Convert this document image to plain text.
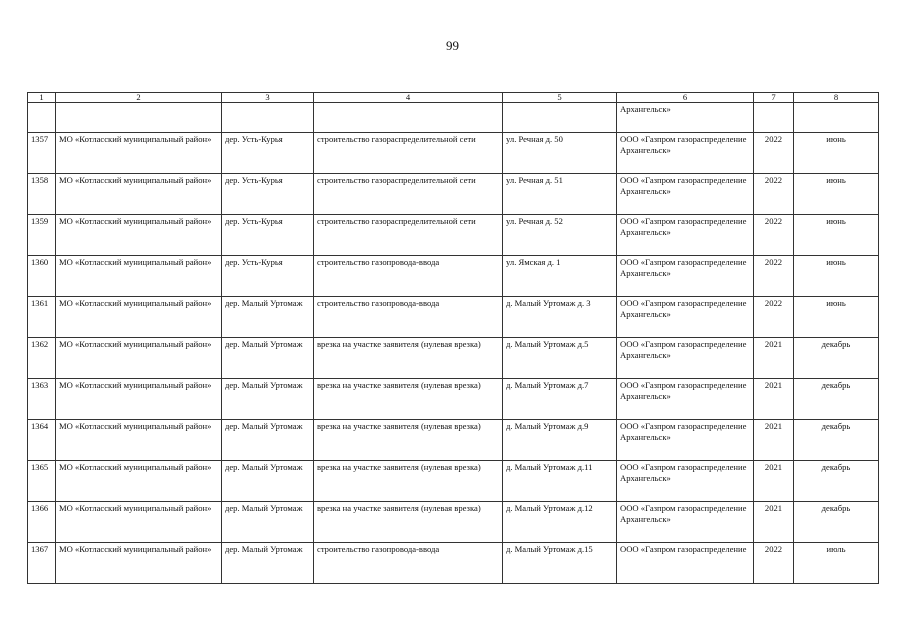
99
1	2	3	4	5	6	7	8
					Архангельск»		
1357	МО «Котласский муниципальный район»	дер. Усть-Курья	строительство газораспределительной сети	ул. Речная д. 50	ООО «Газпром газораспределение Архангельск»	2022	июнь
1358	МО «Котласский муниципальный район»	дер. Усть-Курья	строительство газораспределительной сети	ул. Речная д. 51	ООО «Газпром газораспределение Архангельск»	2022	июнь
1359	МО «Котласский муниципальный район»	дер. Усть-Курья	строительство газораспределительной сети	ул. Речная д. 52	ООО «Газпром газораспределение Архангельск»	2022	июнь
1360	МО «Котласский муниципальный район»	дер. Усть-Курья	строительство газопровода-ввода	ул. Ямская д. 1	ООО «Газпром газораспределение Архангельск»	2022	июнь
1361	МО «Котласский муниципальный район»	дер. Малый Уртомаж	строительство газопровода-ввода	д. Малый Уртомаж д. 3	ООО «Газпром газораспределение Архангельск»	2022	июнь
1362	МО «Котласский муниципальный район»	дер. Малый Уртомаж	врезка на участке заявителя (нулевая врезка)	д. Малый Уртомаж д.5	ООО «Газпром газораспределение Архангельск»	2021	декабрь
1363	МО «Котласский муниципальный район»	дер. Малый Уртомаж	врезка на участке заявителя (нулевая врезка)	д. Малый Уртомаж д.7	ООО «Газпром газораспределение Архангельск»	2021	декабрь
1364	МО «Котласский муниципальный район»	дер. Малый Уртомаж	врезка на участке заявителя (нулевая врезка)	д. Малый Уртомаж д.9	ООО «Газпром газораспределение Архангельск»	2021	декабрь
1365	МО «Котласский муниципальный район»	дер. Малый Уртомаж	врезка на участке заявителя (нулевая врезка)	д. Малый Уртомаж д.11	ООО «Газпром газораспределение Архангельск»	2021	декабрь
1366	МО «Котласский муниципальный район»	дер. Малый Уртомаж	врезка на участке заявителя (нулевая врезка)	д. Малый Уртомаж д.12	ООО «Газпром газораспределение Архангельск»	2021	декабрь
1367	МО «Котласский муниципальный район»	дер. Малый Уртомаж	строительство газопровода-ввода	д. Малый Уртомаж д.15	ООО «Газпром газораспределение	2022	июль
